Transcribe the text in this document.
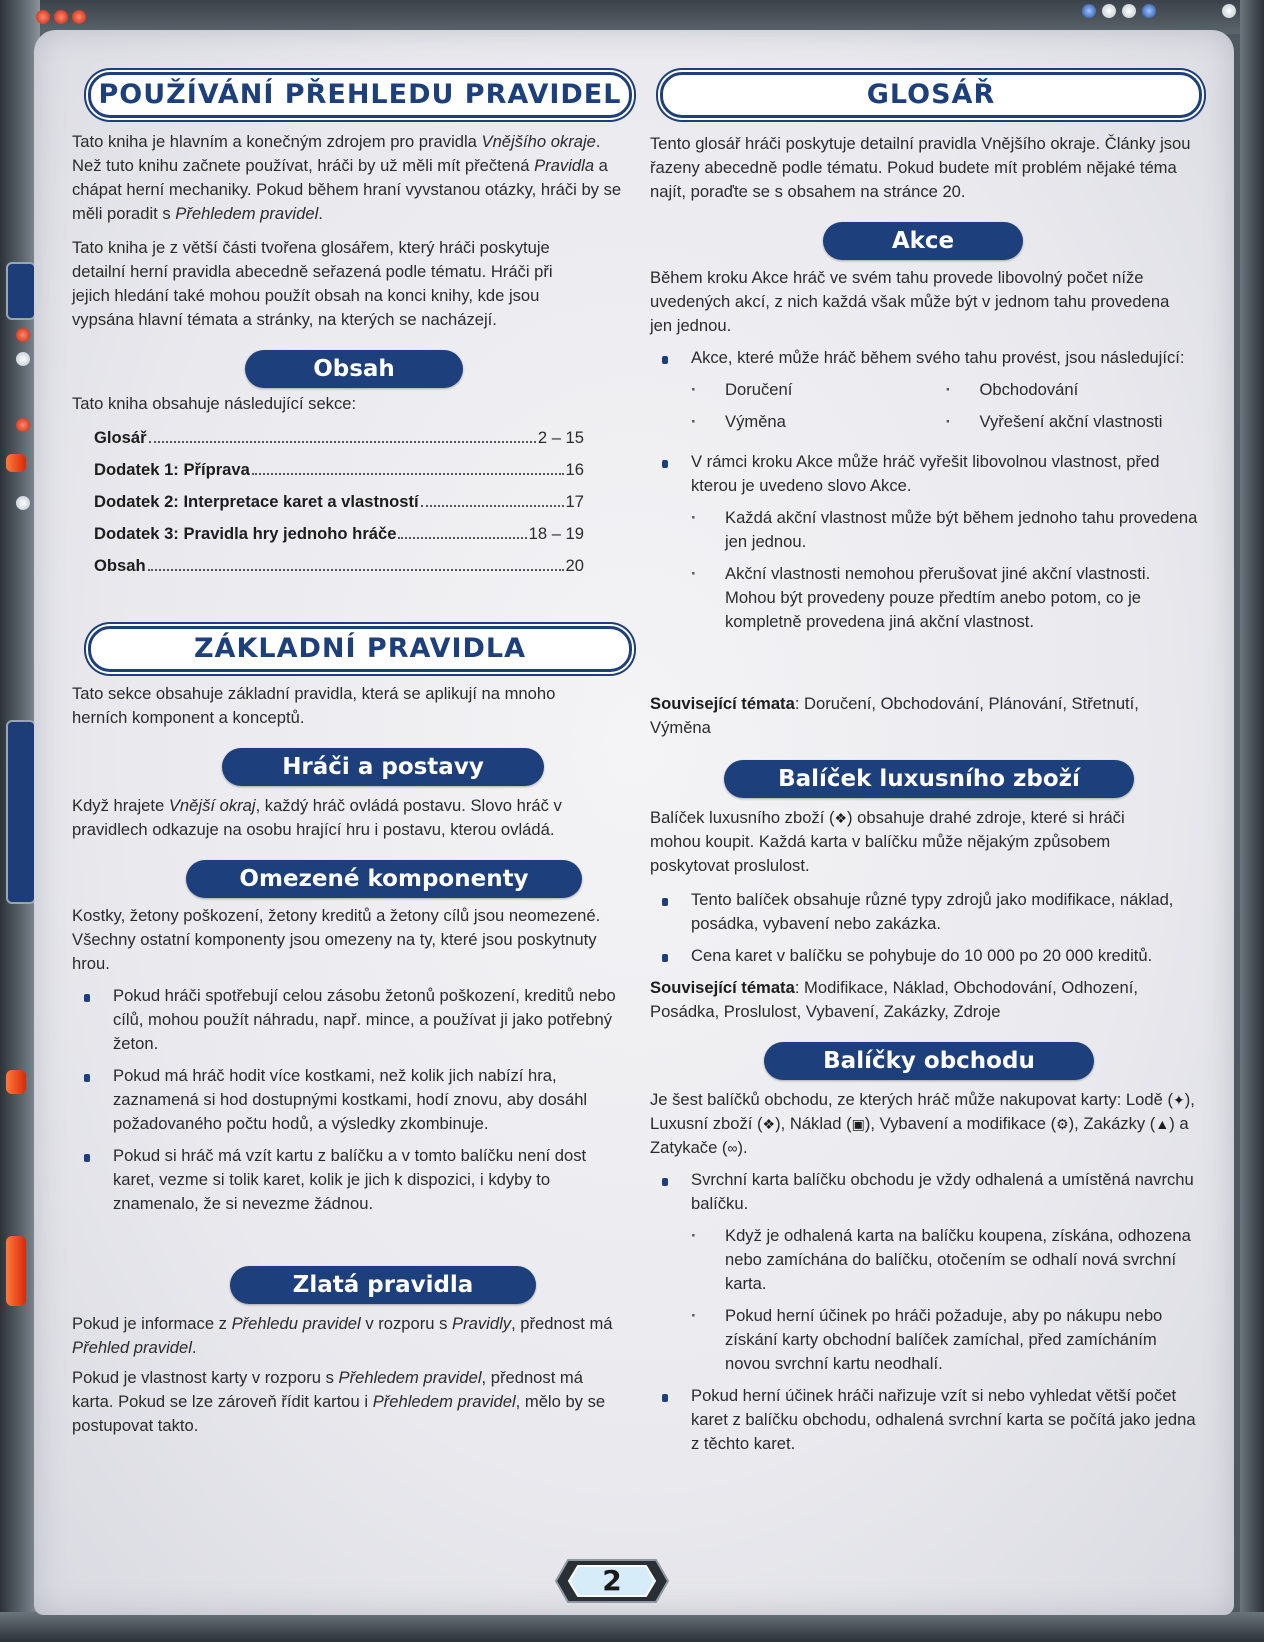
POUŽÍVÁNÍ PŘEHLEDU PRAVIDEL

Tato kniha je hlavním a konečným zdrojem pro pravidla Vnějšího okraje. Než tuto knihu začnete používat, hráči by už měli mít přečtená Pravidla a chápat herní mechaniky. Pokud během hraní vyvstanou otázky, hráči by se měli poradit s Přehledem pravidel.

Tato kniha je z větší části tvořena glosářem, který hráči poskytuje detailní herní pravidla abecedně seřazená podle tématu. Hráči při jejich hledání také mohou použít obsah na konci knihy, kde jsou vypsána hlavní témata a stránky, na kterých se nacházejí.

Obsah

Tato kniha obsahuje následující sekce:

Glosář	2 – 15
Dodatek 1: Příprava	16
Dodatek 2: Interpretace karet a vlastností	17
Dodatek 3: Pravidla hry jednoho hráče	18 – 19
Obsah	20
ZÁKLADNÍ PRAVIDLA

Tato sekce obsahuje základní pravidla, která se aplikují na mnoho herních komponent a konceptů.

Hráči a postavy

Když hrajete Vnější okraj, každý hráč ovládá postavu. Slovo hráč v pravidlech odkazuje na osobu hrající hru i postavu, kterou ovládá.

Omezené komponenty

Kostky, žetony poškození, žetony kreditů a žetony cílů jsou neomezené. Všechny ostatní komponenty jsou omezeny na ty, které jsou poskytnuty hrou.

Pokud hráči spotřebují celou zásobu žetonů poškození, kreditů nebo cílů, mohou použít náhradu, např. mince, a používat ji jako potřebný žeton.
Pokud má hráč hodit více kostkami, než kolik jich nabízí hra, zaznamená si hod dostupnými kostkami, hodí znovu, aby dosáhl požadovaného počtu hodů, a výsledky zkombinuje.
Pokud si hráč má vzít kartu z balíčku a v tomto balíčku není dost karet, vezme si tolik karet, kolik je jich k dispozici, i kdyby to znamenalo, že si nevezme žádnou.
Zlatá pravidla

Pokud je informace z Přehledu pravidel v rozporu s Pravidly, přednost má Přehled pravidel.

Pokud je vlastnost karty v rozporu s Přehledem pravidel, přednost má karta. Pokud se lze zároveň řídit kartou i Přehledem pravidel, mělo by se postupovat takto.

GLOSÁŘ

Tento glosář hráči poskytuje detailní pravidla Vnějšího okraje. Články jsou řazeny abecedně podle tématu. Pokud budete mít problém nějaké téma najít, poraďte se s obsahem na stránce 20.

Akce

Během kroku Akce hráč ve svém tahu provede libovolný počet níže uvedených akcí, z nich každá však může být v jednom tahu provedena jen jednou.

Akce, které může hráč během svého tahu provést, jsou následující:
· Doručení	· Obchodování
· Výměna	· Vyřešení akční vlastnosti
V rámci kroku Akce může hráč vyřešit libovolnou vlastnost, před kterou je uvedeno slovo Akce.
· Každá akční vlastnost může být během jednoho tahu provedena jen jednou.
· Akční vlastnosti nemohou přerušovat jiné akční vlastnosti. Mohou být provedeny pouze předtím anebo potom, co je kompletně provedena jiná akční vlastnost.

Související témata: Doručení, Obchodování, Plánování, Střetnutí, Výměna

Balíček luxusního zboží

Balíček luxusního zboží (❖) obsahuje drahé zdroje, které si hráči mohou koupit. Každá karta v balíčku může nějakým způsobem poskytovat proslulost.

Tento balíček obsahuje různé typy zdrojů jako modifikace, náklad, posádka, vybavení nebo zakázka.
Cena karet v balíčku se pohybuje do 10 000 po 20 000 kreditů.

Související témata: Modifikace, Náklad, Obchodování, Odhození, Posádka, Proslulost, Vybavení, Zakázky, Zdroje

Balíčky obchodu

Je šest balíčků obchodu, ze kterých hráč může nakupovat karty: Lodě (✦), Luxusní zboží (❖), Náklad (▣), Vybavení a modifikace (⚙), Zakázky (▲) a Zatykače (∞).

Svrchní karta balíčku obchodu je vždy odhalená a umístěná navrchu balíčku.
· Když je odhalená karta na balíčku koupena, získána, odhozena nebo zamíchána do balíčku, otočením se odhalí nová svrchní karta.
· Pokud herní účinek po hráči požaduje, aby po nákupu nebo získání karty obchodní balíček zamíchal, před zamícháním novou svrchní kartu neodhalí.
Pokud herní účinek hráči nařizuje vzít si nebo vyhledat větší počet karet z balíčku obchodu, odhalená svrchní karta se počítá jako jedna z těchto karet.
2
